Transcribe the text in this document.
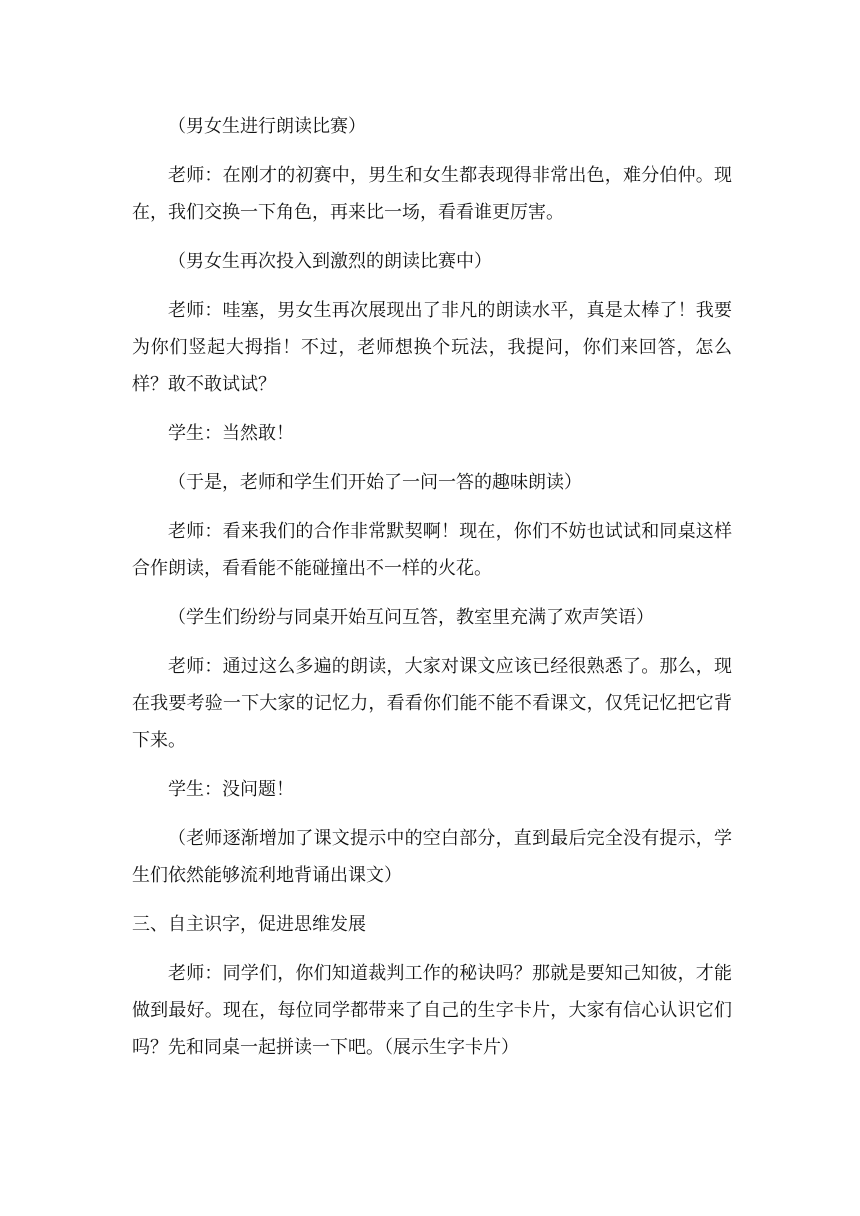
（男女生进行朗读比赛）

老师：在刚才的初赛中，男生和女生都表现得非常出色，难分伯仲。现在，我们交换一下角色，再来比一场，看看谁更厉害。

（男女生再次投入到激烈的朗读比赛中）

老师：哇塞，男女生再次展现出了非凡的朗读水平，真是太棒了！我要为你们竖起大拇指！不过，老师想换个玩法，我提问，你们来回答，怎么样？敢不敢试试？

学生：当然敢！

（于是，老师和学生们开始了一问一答的趣味朗读）

老师：看来我们的合作非常默契啊！现在，你们不妨也试试和同桌这样合作朗读，看看能不能碰撞出不一样的火花。

（学生们纷纷与同桌开始互问互答，教室里充满了欢声笑语）

老师：通过这么多遍的朗读，大家对课文应该已经很熟悉了。那么，现在我要考验一下大家的记忆力，看看你们能不能不看课文，仅凭记忆把它背下来。

学生：没问题！

（老师逐渐增加了课文提示中的空白部分，直到最后完全没有提示，学生们依然能够流利地背诵出课文）

三、自主识字，促进思维发展

老师：同学们，你们知道裁判工作的秘诀吗？那就是要知己知彼，才能做到最好。现在，每位同学都带来了自己的生字卡片，大家有信心认识它们吗？先和同桌一起拼读一下吧。（展示生字卡片）
